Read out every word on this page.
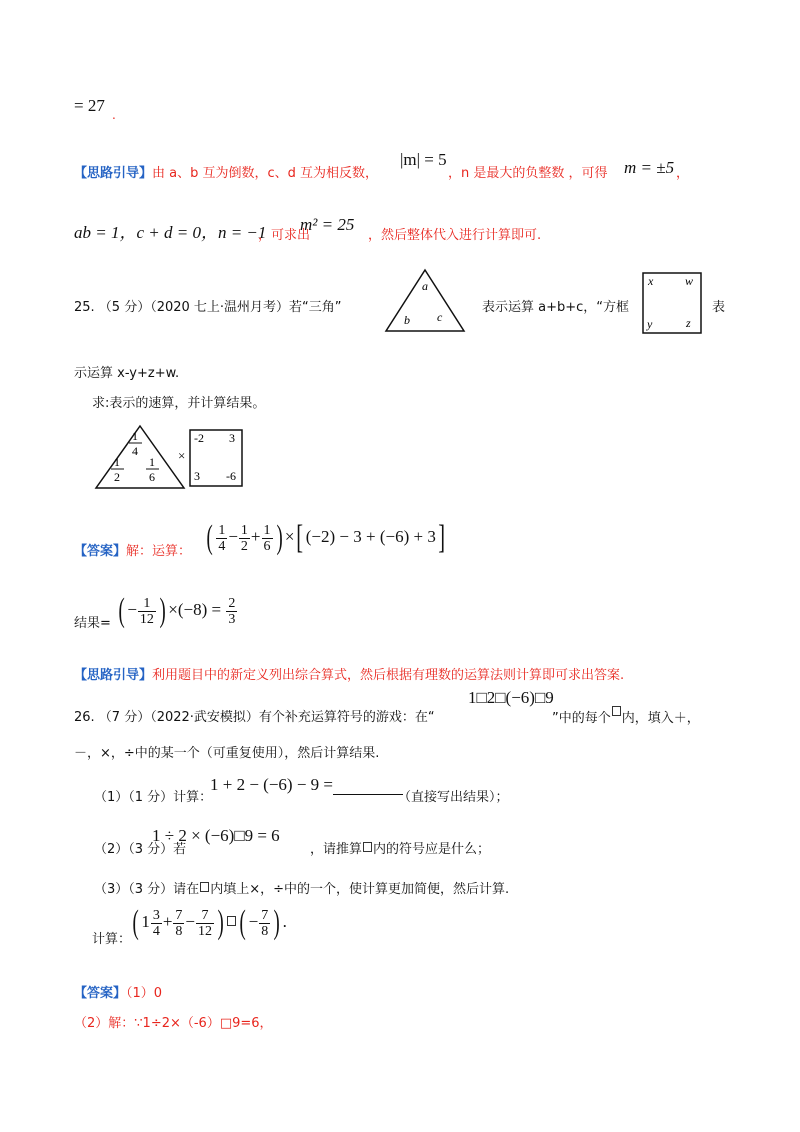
= 27 .
【思路引导】由 a、b 互为倒数，c、d 互为相反数，
|m| = 5
，n 是最大的负整数 ，可得 m = ±5 ，
ab = 1，c + d = 0，n = −1
，可求出
m² = 25
，然后整体代入进行计算即可.
25. （5 分）（2020 七上·温州月考）若“三角”
a
b c
表示运算 a+b+c，“方框
x	w
y	z
表
示运算 x-y+z+w.
求:表示的速算，并计算结果。
1
4
1
2
1
6
×
-2 3
3 -6
【答案】解：运算： ( $\frac{1}{4} - \frac{1}{2} + \frac{1}{6}$ ) ×[ (−2) − 3 + (−6) + 3]
结果= ( − $\frac{1}{12}$ ) $\times(-8) = \frac{2}{3}$
【思路引导】利用题目中的新定义列出综合算式，然后根据有理数的运算法则计算即可求出答案.
26. （7 分）（2022·武安模拟）有个补充运算符号的游戏：在“
1□2□(−6)□9
”中的每个 内，填入＋，
－，×，÷中的某一个（可重复使用），然后计算结果.
（1）（1 分）计算：
1 + 2 − (−6) − 9 =
（直接写出结果）；
（2）（3 分）若
1 ÷ 2 × (−6)□9 = 6
，请推算 内的符号应是什么；
（3）（3 分）请在 内填上×，÷中的一个，使计算更加简便，然后计算.
计算： ( $1 \frac{3}{4} + \frac{7}{8} - \frac{7}{12}$ ) ( − $\frac{7}{8}$ ) .
【答案】（1）0
（2）解：∵1÷2×（-6）□9=6，
